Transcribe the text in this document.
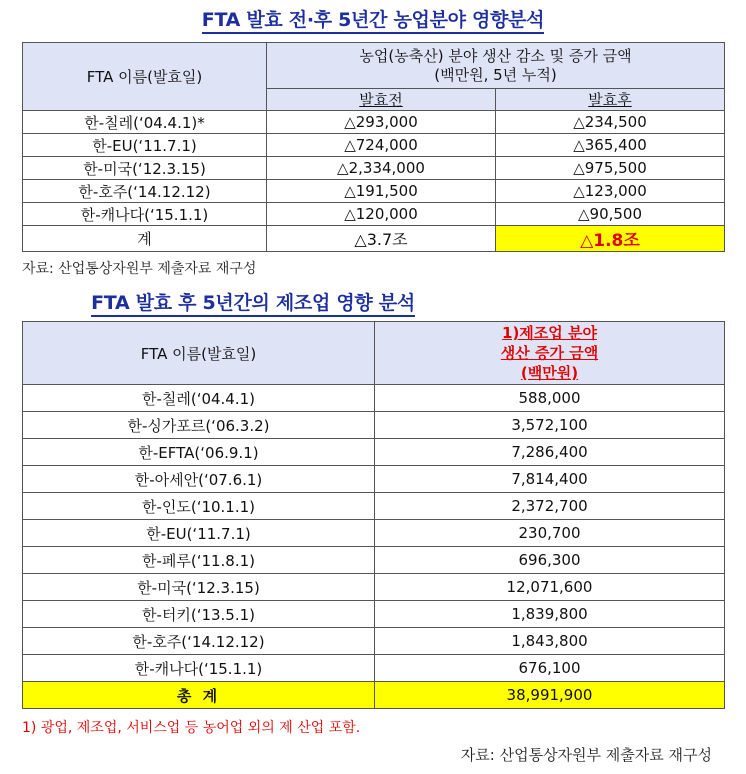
FTA 발효 전·후 5년간 농업분야 영향분석
FTA 이름(발효일)	농업(농축산) 분야 생산 감소 및 증가 금액
(백만원, 5년 누적)	

	발효전	발효후
한-칠레(‘04.4.1)*	△293,000	△234,500
한-EU(‘11.7.1)	△724,000	△365,400
한-미국(‘12.3.15)	△2,334,000	△975,500
한-호주(‘14.12.12)	△191,500	△123,000
한-캐나다(‘15.1.1)	△120,000	△90,500
계	△3.7조	△1.8조
자료: 산업통상자원부 제출자료 재구성
FTA 발효 후 5년간의 제조업 영향 분석
FTA 이름(발효일)	1)제조업 분야
생산 증가 금액
(백만원)

한-칠레(‘04.4.1)	588,000
한-싱가포르(‘06.3.2)	3,572,100
한-EFTA(‘06.9.1)	7,286,400
한-아세안(‘07.6.1)	7,814,400
한-인도(‘10.1.1)	2,372,700
한-EU(‘11.7.1)	230,700
한-페루(‘11.8.1)	696,300
한-미국(‘12.3.15)	12,071,600
한-터키(‘13.5.1)	1,839,800
한-호주(‘14.12.12)	1,843,800
한-캐나다(‘15.1.1)	676,100
총 계	38,991,900
1) 광업, 제조업, 서비스업 등 농어업 외의 제 산업 포함.
자료: 산업통상자원부 제출자료 재구성
